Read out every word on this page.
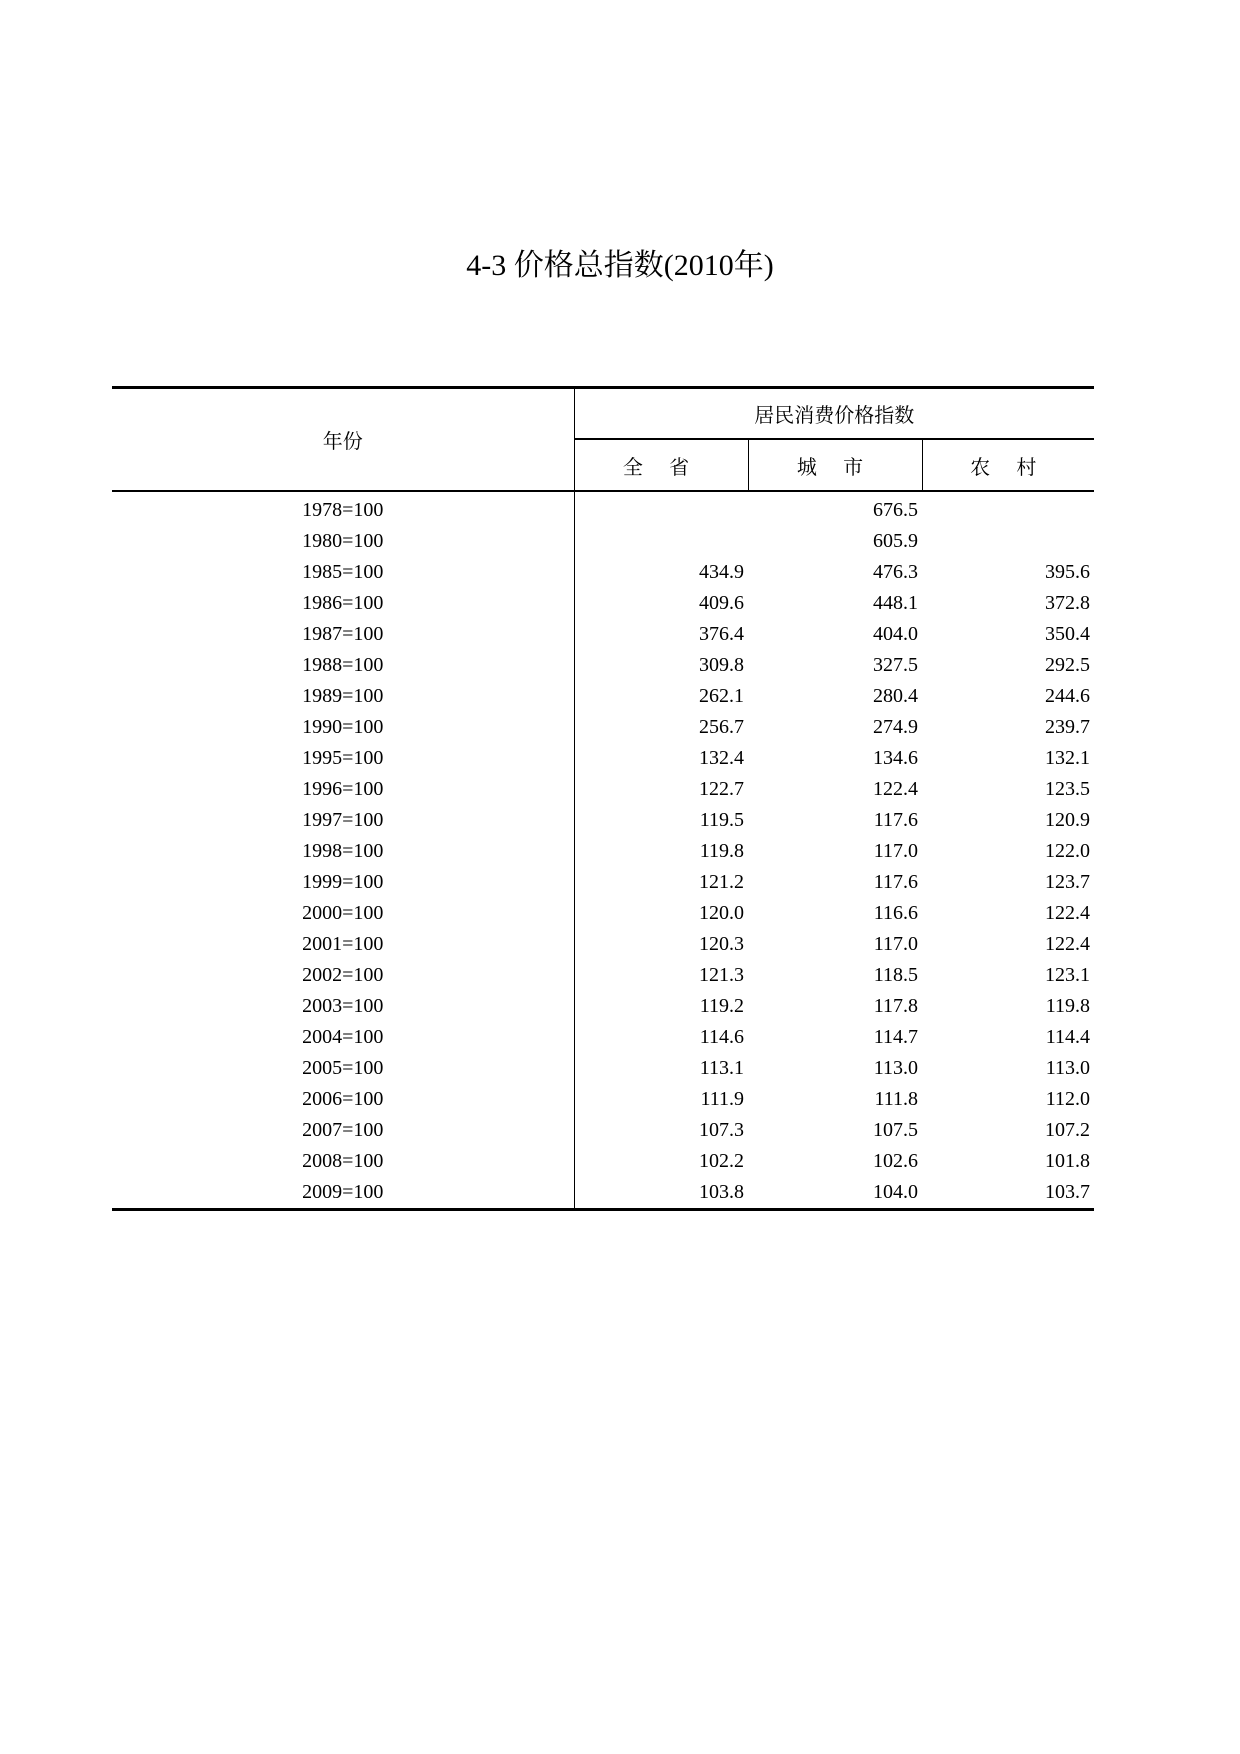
4-3 价格总指数(2010年)
年份	居民消费价格指数		
	全 省	城 市	农 村
1978=100		676.5	
1980=100		605.9	
1985=100	434.9	476.3	395.6
1986=100	409.6	448.1	372.8
1987=100	376.4	404.0	350.4
1988=100	309.8	327.5	292.5
1989=100	262.1	280.4	244.6
1990=100	256.7	274.9	239.7
1995=100	132.4	134.6	132.1
1996=100	122.7	122.4	123.5
1997=100	119.5	117.6	120.9
1998=100	119.8	117.0	122.0
1999=100	121.2	117.6	123.7
2000=100	120.0	116.6	122.4
2001=100	120.3	117.0	122.4
2002=100	121.3	118.5	123.1
2003=100	119.2	117.8	119.8
2004=100	114.6	114.7	114.4
2005=100	113.1	113.0	113.0
2006=100	111.9	111.8	112.0
2007=100	107.3	107.5	107.2
2008=100	102.2	102.6	101.8
2009=100	103.8	104.0	103.7
